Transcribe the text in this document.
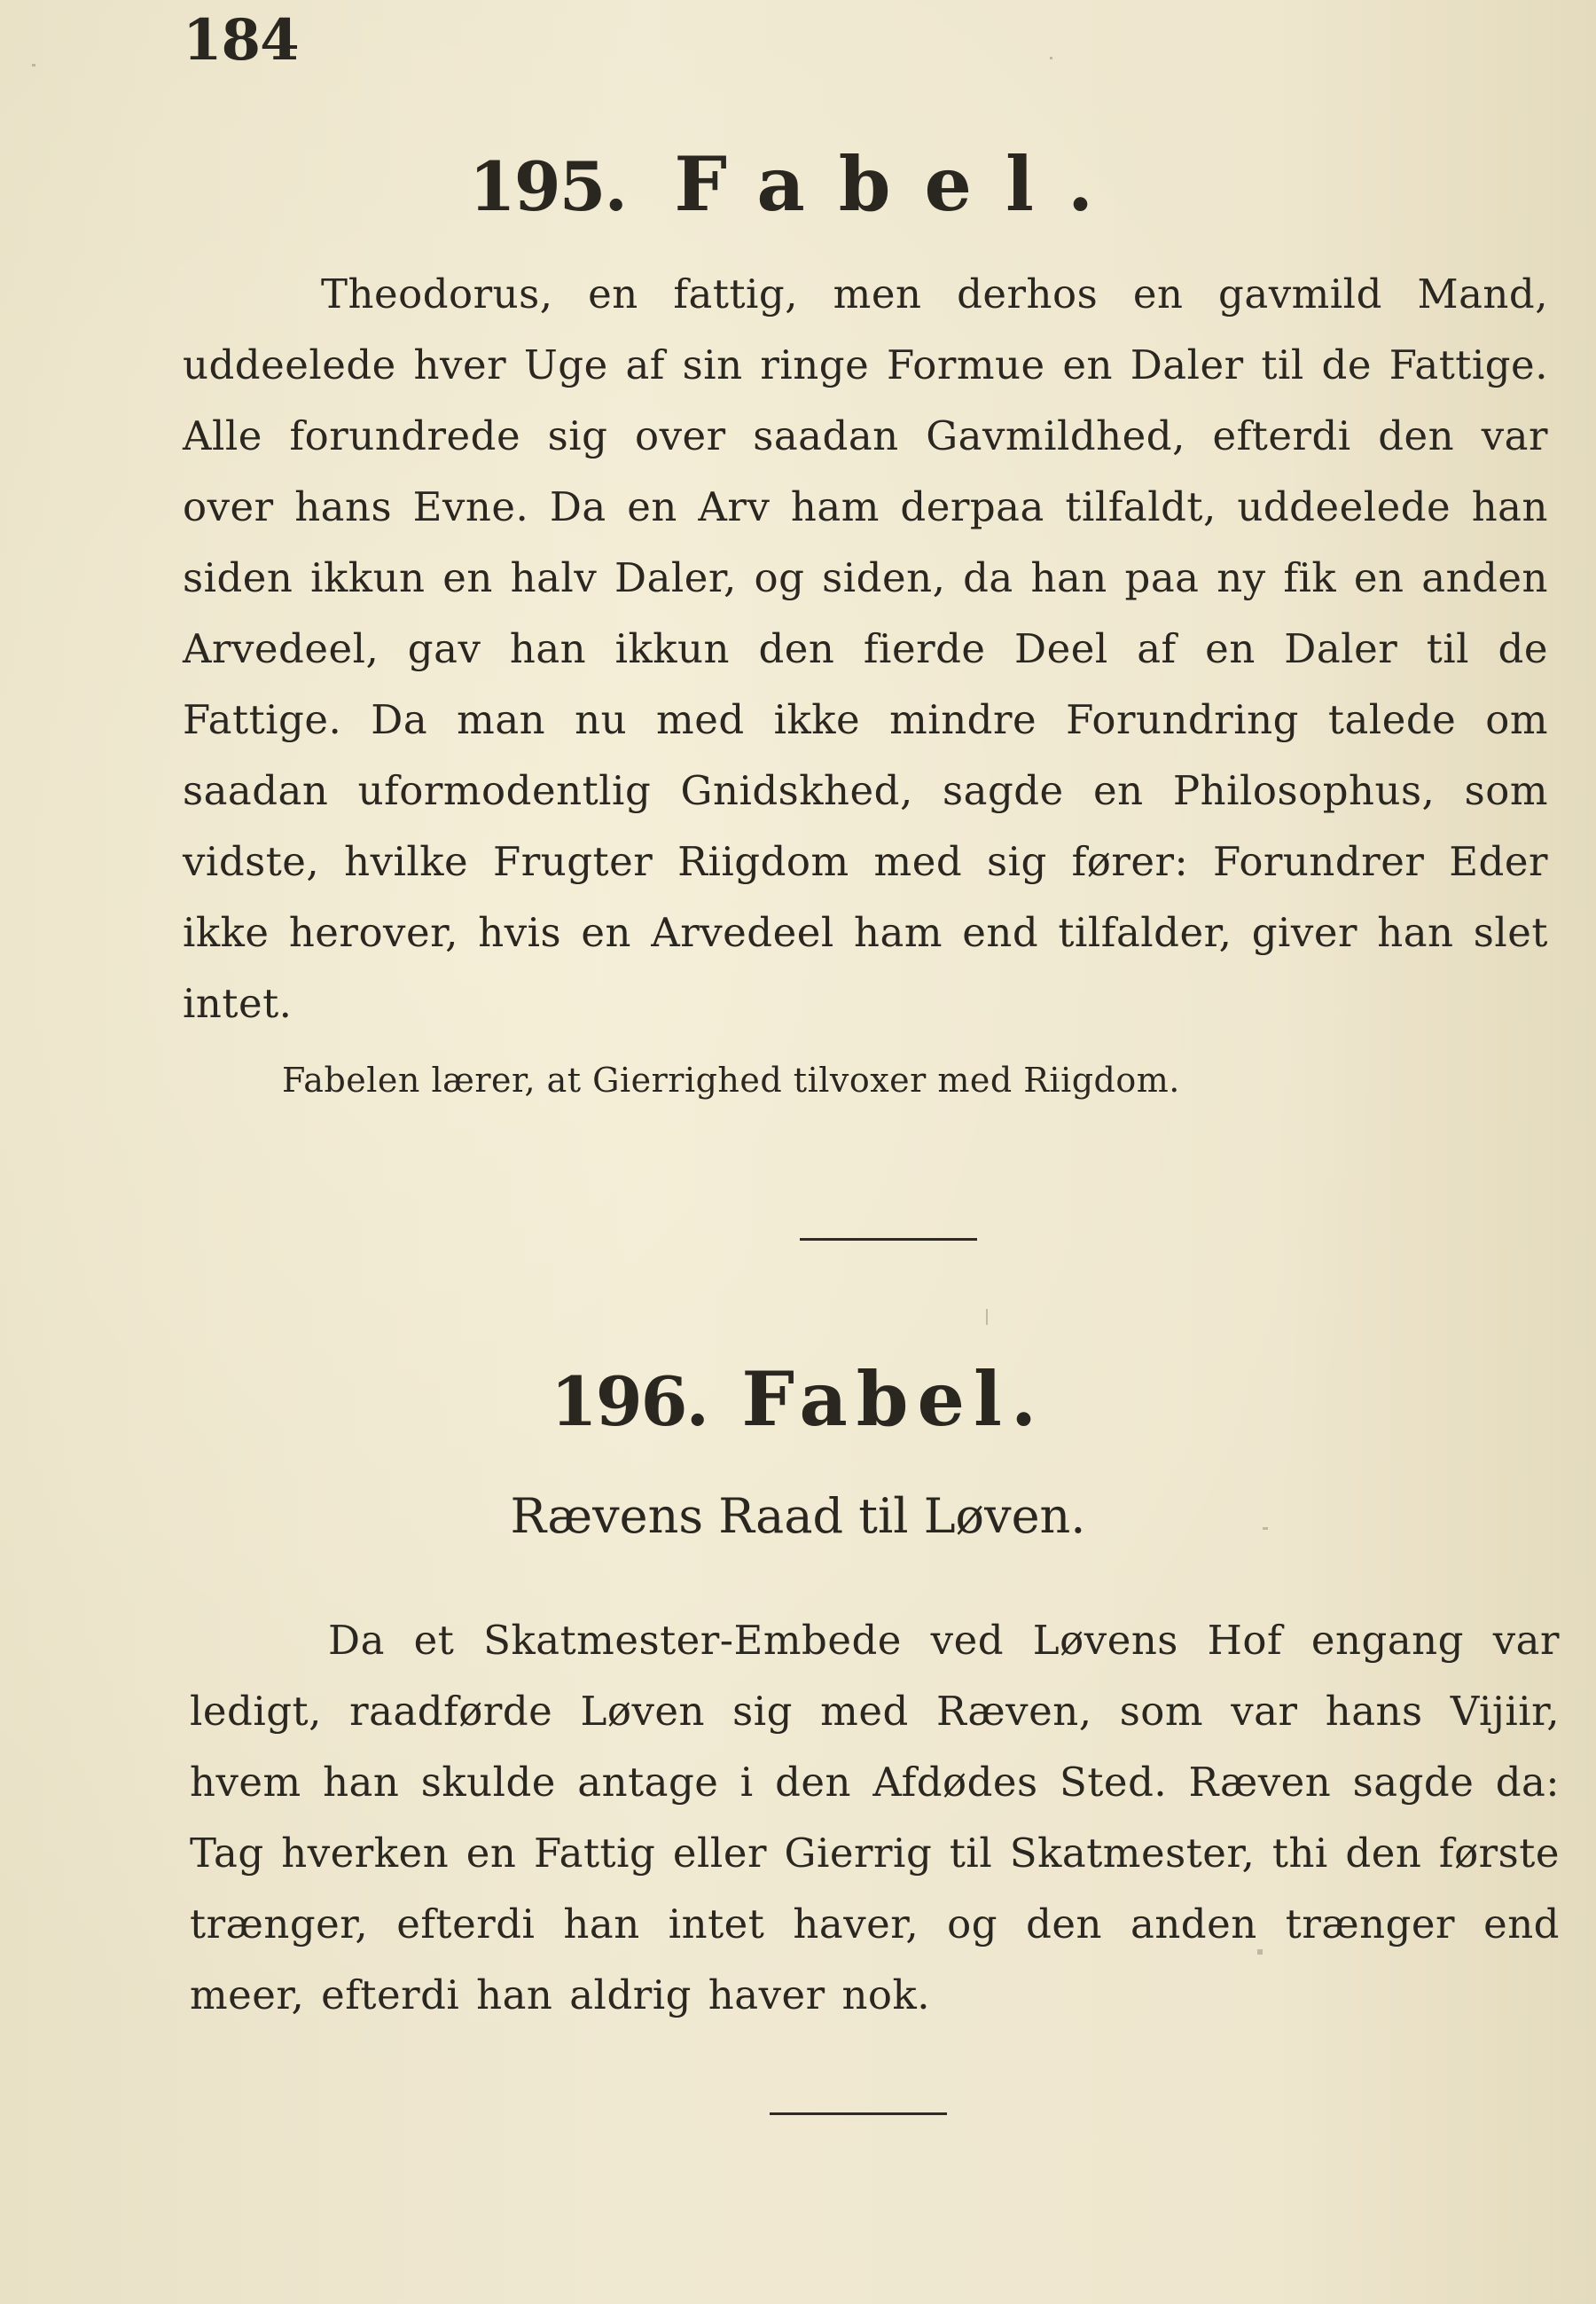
184

195. Fabel.

Theodorus, en fattig, men derhos en gavmild Mand, uddeelede hver Uge af sin ringe Formue en Daler til de Fattige. Alle forundrede sig over saadan Gavmildhed, efterdi den var over hans Evne. Da en Arv ham derpaa tilfaldt, uddeelede han siden ikkun en halv Daler, og siden, da han paa ny fik en anden Arvedeel, gav han ikkun den fierde Deel af en Daler til de Fattige. Da man nu med ikke mindre Forundring talede om saadan uformodentlig Gnidskhed, sagde en Philosophus, som vidste, hvilke Frugter Riigdom med sig fører: Forundrer Eder ikke herover, hvis en Arvedeel ham end tilfalder, giver han slet intet.

Fabelen lærer, at Gierrighed tilvoxer med Riigdom.

196. Fabel.

Rævens Raad til Løven.

Da et Skatmester-Embede ved Løvens Hof engang var ledigt, raadførde Løven sig med Ræven, som var hans Vijiir, hvem han skulde antage i den Afdødes Sted. Ræven sagde da: Tag hverken en Fattig eller Gierrig til Skatmester, thi den første trænger, efterdi han intet haver, og den anden trænger end meer, efterdi han aldrig haver nok.
